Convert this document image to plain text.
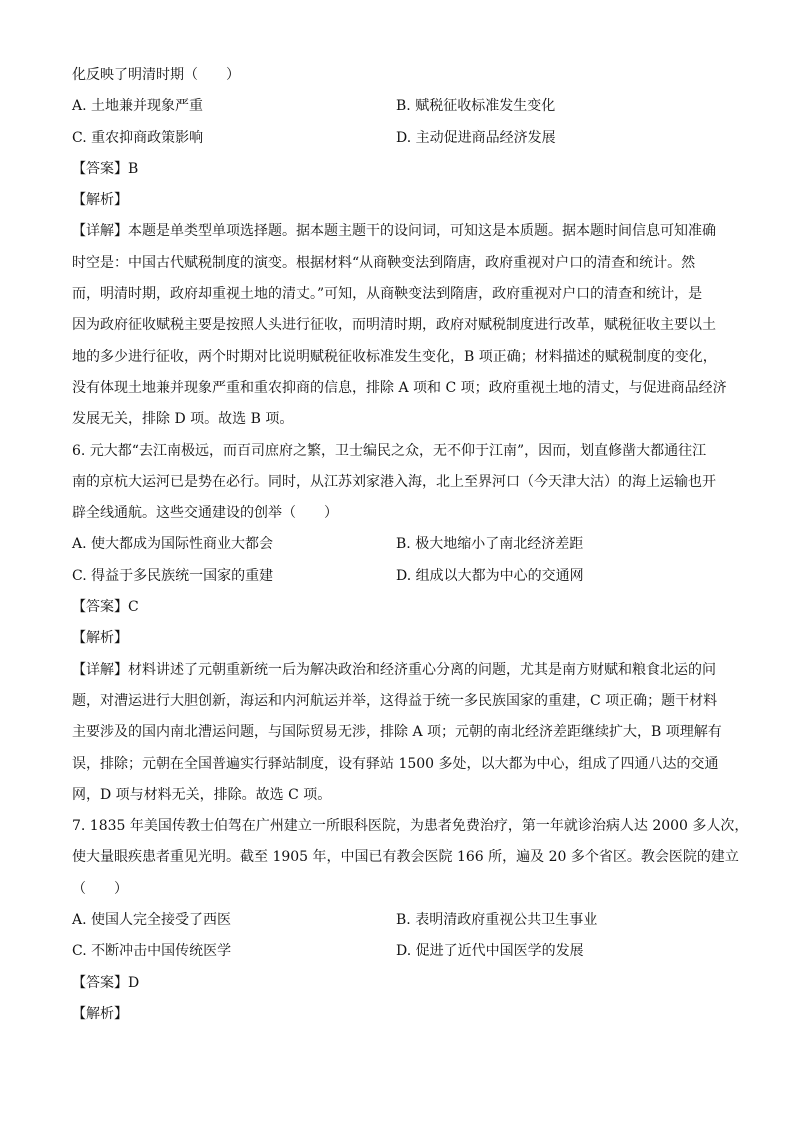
化反映了明清时期（　　）
A. 土地兼并现象严重	B. 赋税征收标准发生变化
C. 重农抑商政策影响	D. 主动促进商品经济发展
【答案】B
【解析】
【详解】本题是单类型单项选择题。据本题主题干的设问词，可知这是本质题。据本题时间信息可知准确
时空是：中国古代赋税制度的演变。根据材料“从商鞅变法到隋唐，政府重视对户口的清查和统计。然
而，明清时期，政府却重视土地的清丈。”可知，从商鞅变法到隋唐，政府重视对户口的清查和统计，是
因为政府征收赋税主要是按照人头进行征收，而明清时期，政府对赋税制度进行改革，赋税征收主要以土
地的多少进行征收，两个时期对比说明赋税征收标准发生变化，B 项正确；材料描述的赋税制度的变化，
没有体现土地兼并现象严重和重农抑商的信息，排除 A 项和 C 项；政府重视土地的清丈，与促进商品经济
发展无关，排除 D 项。故选 B 项。
6. 元大都“去江南极远，而百司庶府之繁，卫士编民之众，无不仰于江南”，因而，划直修凿大都通往江
南的京杭大运河已是势在必行。同时，从江苏刘家港入海，北上至界河口（今天津大沽）的海上运输也开
辟全线通航。这些交通建设的创举（　　）
A. 使大都成为国际性商业大都会	B. 极大地缩小了南北经济差距
C. 得益于多民族统一国家的重建	D. 组成以大都为中心的交通网
【答案】C
【解析】
【详解】材料讲述了元朝重新统一后为解决政治和经济重心分离的问题，尤其是南方财赋和粮食北运的问
题，对漕运进行大胆创新，海运和内河航运并举，这得益于统一多民族国家的重建，C 项正确；题干材料
主要涉及的国内南北漕运问题，与国际贸易无涉，排除 A 项；元朝的南北经济差距继续扩大，B 项理解有
误，排除；元朝在全国普遍实行驿站制度，设有驿站 1500 多处，以大都为中心，组成了四通八达的交通
网，D 项与材料无关，排除。故选 C 项。
7. 1835 年美国传教士伯驾在广州建立一所眼科医院，为患者免费治疗，第一年就诊治病人达 2000 多人次，
使大量眼疾患者重见光明。截至 1905 年，中国已有教会医院 166 所，遍及 20 多个省区。教会医院的建立
（　　）
A. 使国人完全接受了西医	B. 表明清政府重视公共卫生事业
C. 不断冲击中国传统医学	D. 促进了近代中国医学的发展
【答案】D
【解析】
